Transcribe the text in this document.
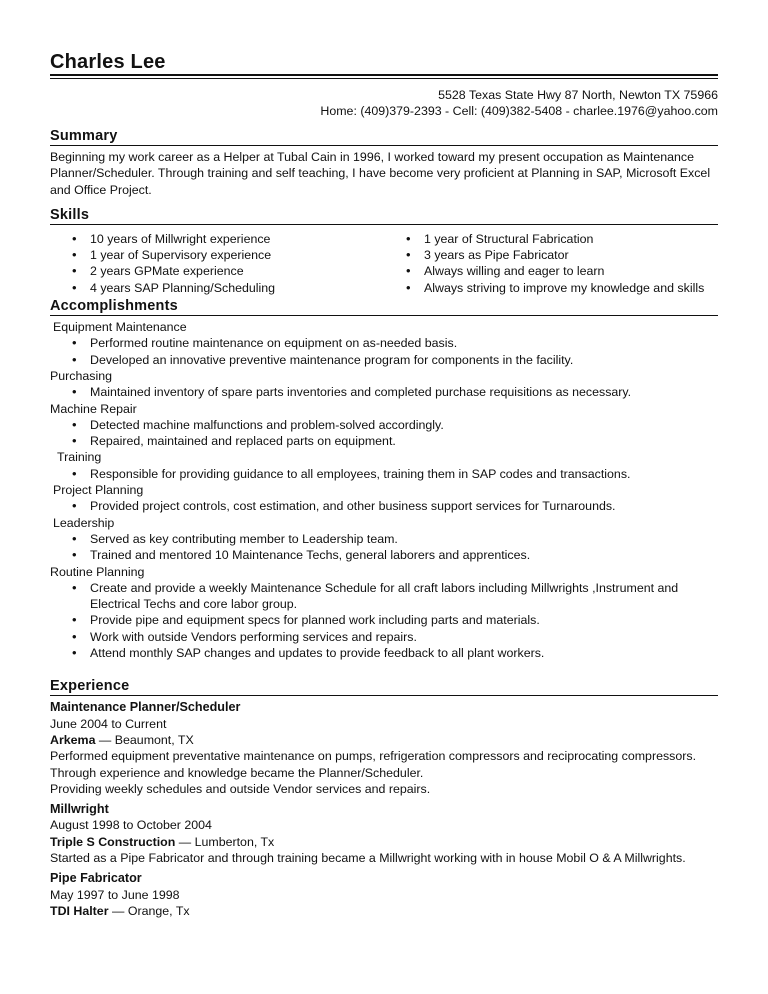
Charles Lee
5528 Texas State Hwy 87 North, Newton TX 75966
Home: (409)379-2393 - Cell: (409)382-5408 - charlee.1976@yahoo.com
Summary
Beginning my work career as a Helper at Tubal Cain in 1996, I worked toward my present occupation as Maintenance Planner/Scheduler. Through training and self teaching, I have become very proficient at Planning in SAP, Microsoft Excel and Office Project.
Skills
• 10 years of Millwright experience
• 1 year of Supervisory experience
• 2 years GPMate experience
• 4 years SAP Planning/Scheduling
• 1 year of Structural Fabrication
• 3 years as Pipe Fabricator
• Always willing and eager to learn
• Always striving to improve my knowledge and skills
Accomplishments
Equipment Maintenance
• Performed routine maintenance on equipment on as-needed basis.
• Developed an innovative preventive maintenance program for components in the facility.
Purchasing
• Maintained inventory of spare parts inventories and completed purchase requisitions as necessary.
Machine Repair
• Detected machine malfunctions and problem-solved accordingly.
• Repaired, maintained and replaced parts on equipment.
Training
• Responsible for providing guidance to all employees, training them in SAP codes and transactions.
Project Planning
• Provided project controls, cost estimation, and other business support services for Turnarounds.
Leadership
• Served as key contributing member to Leadership team.
• Trained and mentored 10 Maintenance Techs, general laborers and apprentices.
Routine Planning
• Create and provide a weekly Maintenance Schedule for all craft labors including Millwrights ,Instrument and Electrical Techs and core labor group.
• Provide pipe and equipment specs for planned work including parts and materials.
• Work with outside Vendors performing services and repairs.
• Attend monthly SAP changes and updates to provide feedback to all plant workers.
Experience
Maintenance Planner/Scheduler
June 2004 to Current
Arkema — Beaumont, TX
Performed equipment preventative maintenance on pumps, refrigeration compressors and reciprocating compressors.
Through experience and knowledge became the Planner/Scheduler.
Providing weekly schedules and outside Vendor services and repairs.
Millwright
August 1998 to October 2004
Triple S Construction — Lumberton, Tx
Started as a Pipe Fabricator and through training became a Millwright working with in house Mobil O & A Millwrights.
Pipe Fabricator
May 1997 to June 1998
TDI Halter — Orange, Tx
